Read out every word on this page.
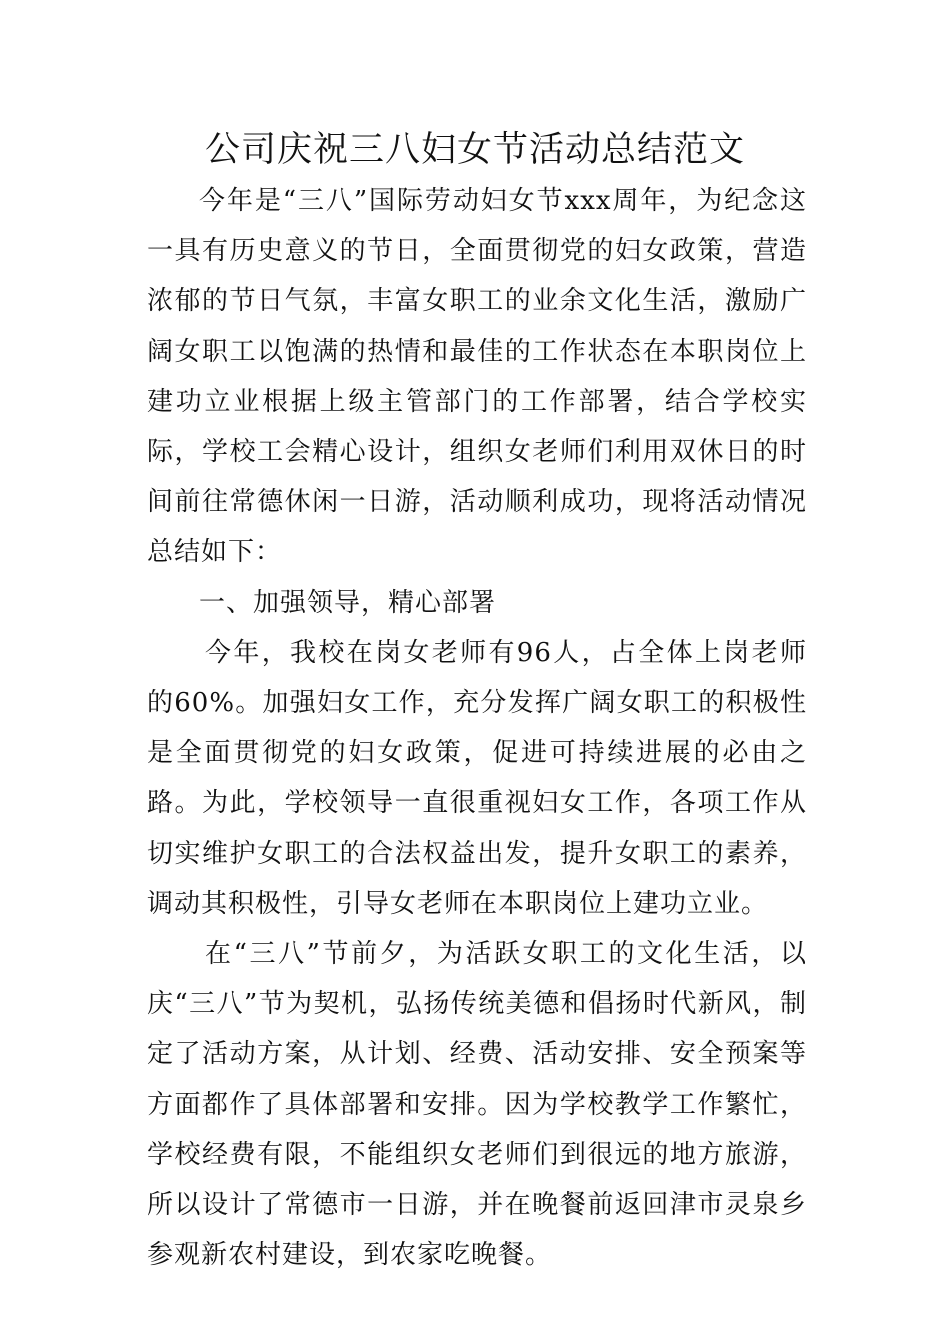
公司庆祝三八妇女节活动总结范文

今年是“三八”国际劳动妇女节xxx周年，为纪念这一具有历史意义的节日，全面贯彻党的妇女政策，营造浓郁的节日气氛，丰富女职工的业余文化生活，激励广阔女职工以饱满的热情和最佳的工作状态在本职岗位上建功立业根据上级主管部门的工作部署，结合学校实际，学校工会精心设计，组织女老师们利用双休日的时间前往常德休闲一日游，活动顺利成功，现将活动情况总结如下：

一、加强领导，精心部署

今年，我校在岗女老师有96人，占全体上岗老师的60%。加强妇女工作，充分发挥广阔女职工的积极性是全面贯彻党的妇女政策，促进可持续进展的必由之路。为此，学校领导一直很重视妇女工作，各项工作从切实维护女职工的合法权益出发，提升女职工的素养，调动其积极性，引导女老师在本职岗位上建功立业。

在“三八”节前夕，为活跃女职工的文化生活，以庆“三八”节为契机，弘扬传统美德和倡扬时代新风，制定了活动方案，从计划、经费、活动安排、安全预案等方面都作了具体部署和安排。因为学校教学工作繁忙，学校经费有限，不能组织女老师们到很远的地方旅游，所以设计了常德市一日游，并在晚餐前返回津市灵泉乡参观新农村建设，到农家吃晚餐。
